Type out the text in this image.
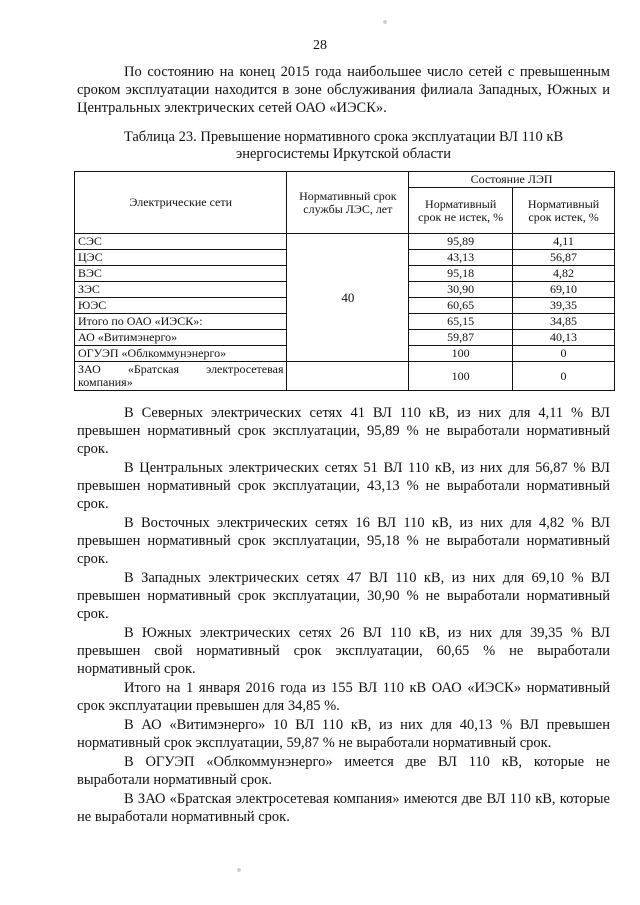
28

По состоянию на конец 2015 года наибольшее число сетей с превышенным сроком эксплуатации находится в зоне обслуживания филиала Западных, Южных и Центральных электрических сетей ОАО «ИЭСК».

Таблица 23. Превышение нормативного срока эксплуатации ВЛ 110 кВ
энергосистемы Иркутской области
Электрические сети	Нормативный срок службы ЛЭС, лет	Состояние ЛЭП	
		Нормативный срок не истек, %	Нормативный срок истек, %
СЭС	40	95,89	4,11
ЦЭС		43,13	56,87
ВЭС		95,18	4,82
ЗЭС		30,90	69,10
ЮЭС		60,65	39,35
Итого по ОАО «ИЭСК»:		65,15	34,85
АО «Витимэнерго»		59,87	40,13
ОГУЭП «Облкоммунэнерго»		100	0
ЗАО «Братская электросетевая компания»		100	0

В Северных электрических сетях 41 ВЛ 110 кВ, из них для 4,11 % ВЛ превышен нормативный срок эксплуатации, 95,89 % не выработали нормативный срок.

В Центральных электрических сетях 51 ВЛ 110 кВ, из них для 56,87 % ВЛ превышен нормативный срок эксплуатации, 43,13 % не выработали нормативный срок.

В Восточных электрических сетях 16 ВЛ 110 кВ, из них для 4,82 % ВЛ превышен нормативный срок эксплуатации, 95,18 % не выработали нормативный срок.

В Западных электрических сетях 47 ВЛ 110 кВ, из них для 69,10 % ВЛ превышен нормативный срок эксплуатации, 30,90 % не выработали нормативный срок.

В Южных электрических сетях 26 ВЛ 110 кВ, из них для 39,35 % ВЛ превышен свой нормативный срок эксплуатации, 60,65 % не выработали нормативный срок.

Итого на 1 января 2016 года из 155 ВЛ 110 кВ ОАО «ИЭСК» нормативный срок эксплуатации превышен для 34,85 %.

В АО «Витимэнерго» 10 ВЛ 110 кВ, из них для 40,13 % ВЛ превышен нормативный срок эксплуатации, 59,87 % не выработали нормативный срок.

В ОГУЭП «Облкоммунэнерго» имеется две ВЛ 110 кВ, которые не выработали нормативный срок.

В ЗАО «Братская электросетевая компания» имеются две ВЛ 110 кВ, которые не выработали нормативный срок.
